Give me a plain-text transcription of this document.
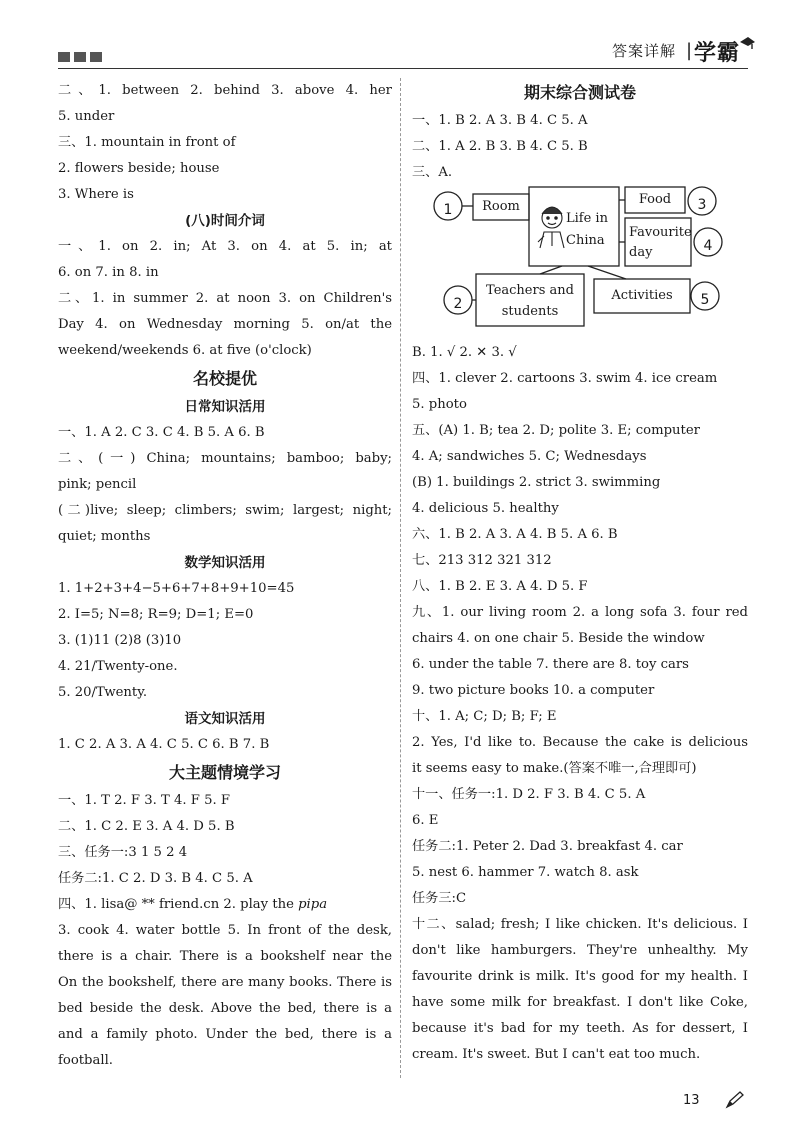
答案详解 | 学霸
二、1. between 2. behind 3. above 4. her
5. under
三、1. mountain in front of
2. flowers beside; house
3. Where is
(八)时间介词
一、1. on 2. in; At 3. on 4. at 5. in; at
6. on 7. in 8. in
二、1. in summer 2. at noon 3. on Children's
Day 4. on Wednesday morning 5. on/at the
weekend/weekends 6. at five (o'clock)
名校提优
日常知识活用
一、1. A 2. C 3. C 4. B 5. A 6. B
二、(一) China; mountains; bamboo; baby;
pink; pencil
(二)live; sleep; climbers; swim; largest; night;
quiet; months
数学知识活用
1. 1+2+3+4−5+6+7+8+9+10=45
2. I=5; N=8; R=9; D=1; E=0
3. (1)11 (2)8 (3)10
4. 21/Twenty-one.
5. 20/Twenty.
语文知识活用
1. C 2. A 3. A 4. C 5. C 6. B 7. B
大主题情境学习
一、1. T 2. F 3. T 4. F 5. F
二、1. C 2. E 3. A 4. D 5. B
三、任务一:3 1 5 2 4
任务二:1. C 2. D 3. B 4. C 5. A
四、1. lisa@ ** friend.cn 2. play the pipa
3. cook 4. water bottle 5. In front of the desk,
there is a chair. There is a bookshelf near the
On the bookshelf, there are many books. There is
bed beside the desk. Above the bed, there is a
and a family photo. Under the bed, there is a
football.
期末综合测试卷
一、1. B 2. A 3. B 4. C 5. A
二、1. A 2. B 3. B 4. C 5. B
三、A.
1	3
4
2	5
Room
Life in China
Food
Favourite day
Teachers and students
Activities
B. 1. √ 2. ✕ 3. √
四、1. clever 2. cartoons 3. swim 4. ice cream
5. photo
五、(A) 1. B; tea 2. D; polite 3. E; computer
4. A; sandwiches 5. C; Wednesdays
(B) 1. buildings 2. strict 3. swimming
4. delicious 5. healthy
六、1. B 2. A 3. A 4. B 5. A 6. B
七、213 312 321 312
八、1. B 2. E 3. A 4. D 5. F
九、1. our living room 2. a long sofa 3. four red
chairs 4. on one chair 5. Beside the window
6. under the table 7. there are 8. toy cars
9. two picture books 10. a computer
十、1. A; C; D; B; F; E
2. Yes, I'd like to. Because the cake is delicious
it seems easy to make.(答案不唯一,合理即可)
十一、任务一:1. D 2. F 3. B 4. C 5. A
6. E
任务二:1. Peter 2. Dad 3. breakfast 4. car
5. nest 6. hammer 7. watch 8. ask
任务三:C
十二、salad; fresh; I like chicken. It's delicious. I
don't like hamburgers. They're unhealthy. My
favourite drink is milk. It's good for my health. I
have some milk for breakfast. I don't like Coke,
because it's bad for my teeth. As for dessert, I
cream. It's sweet. But I can't eat too much.
13
